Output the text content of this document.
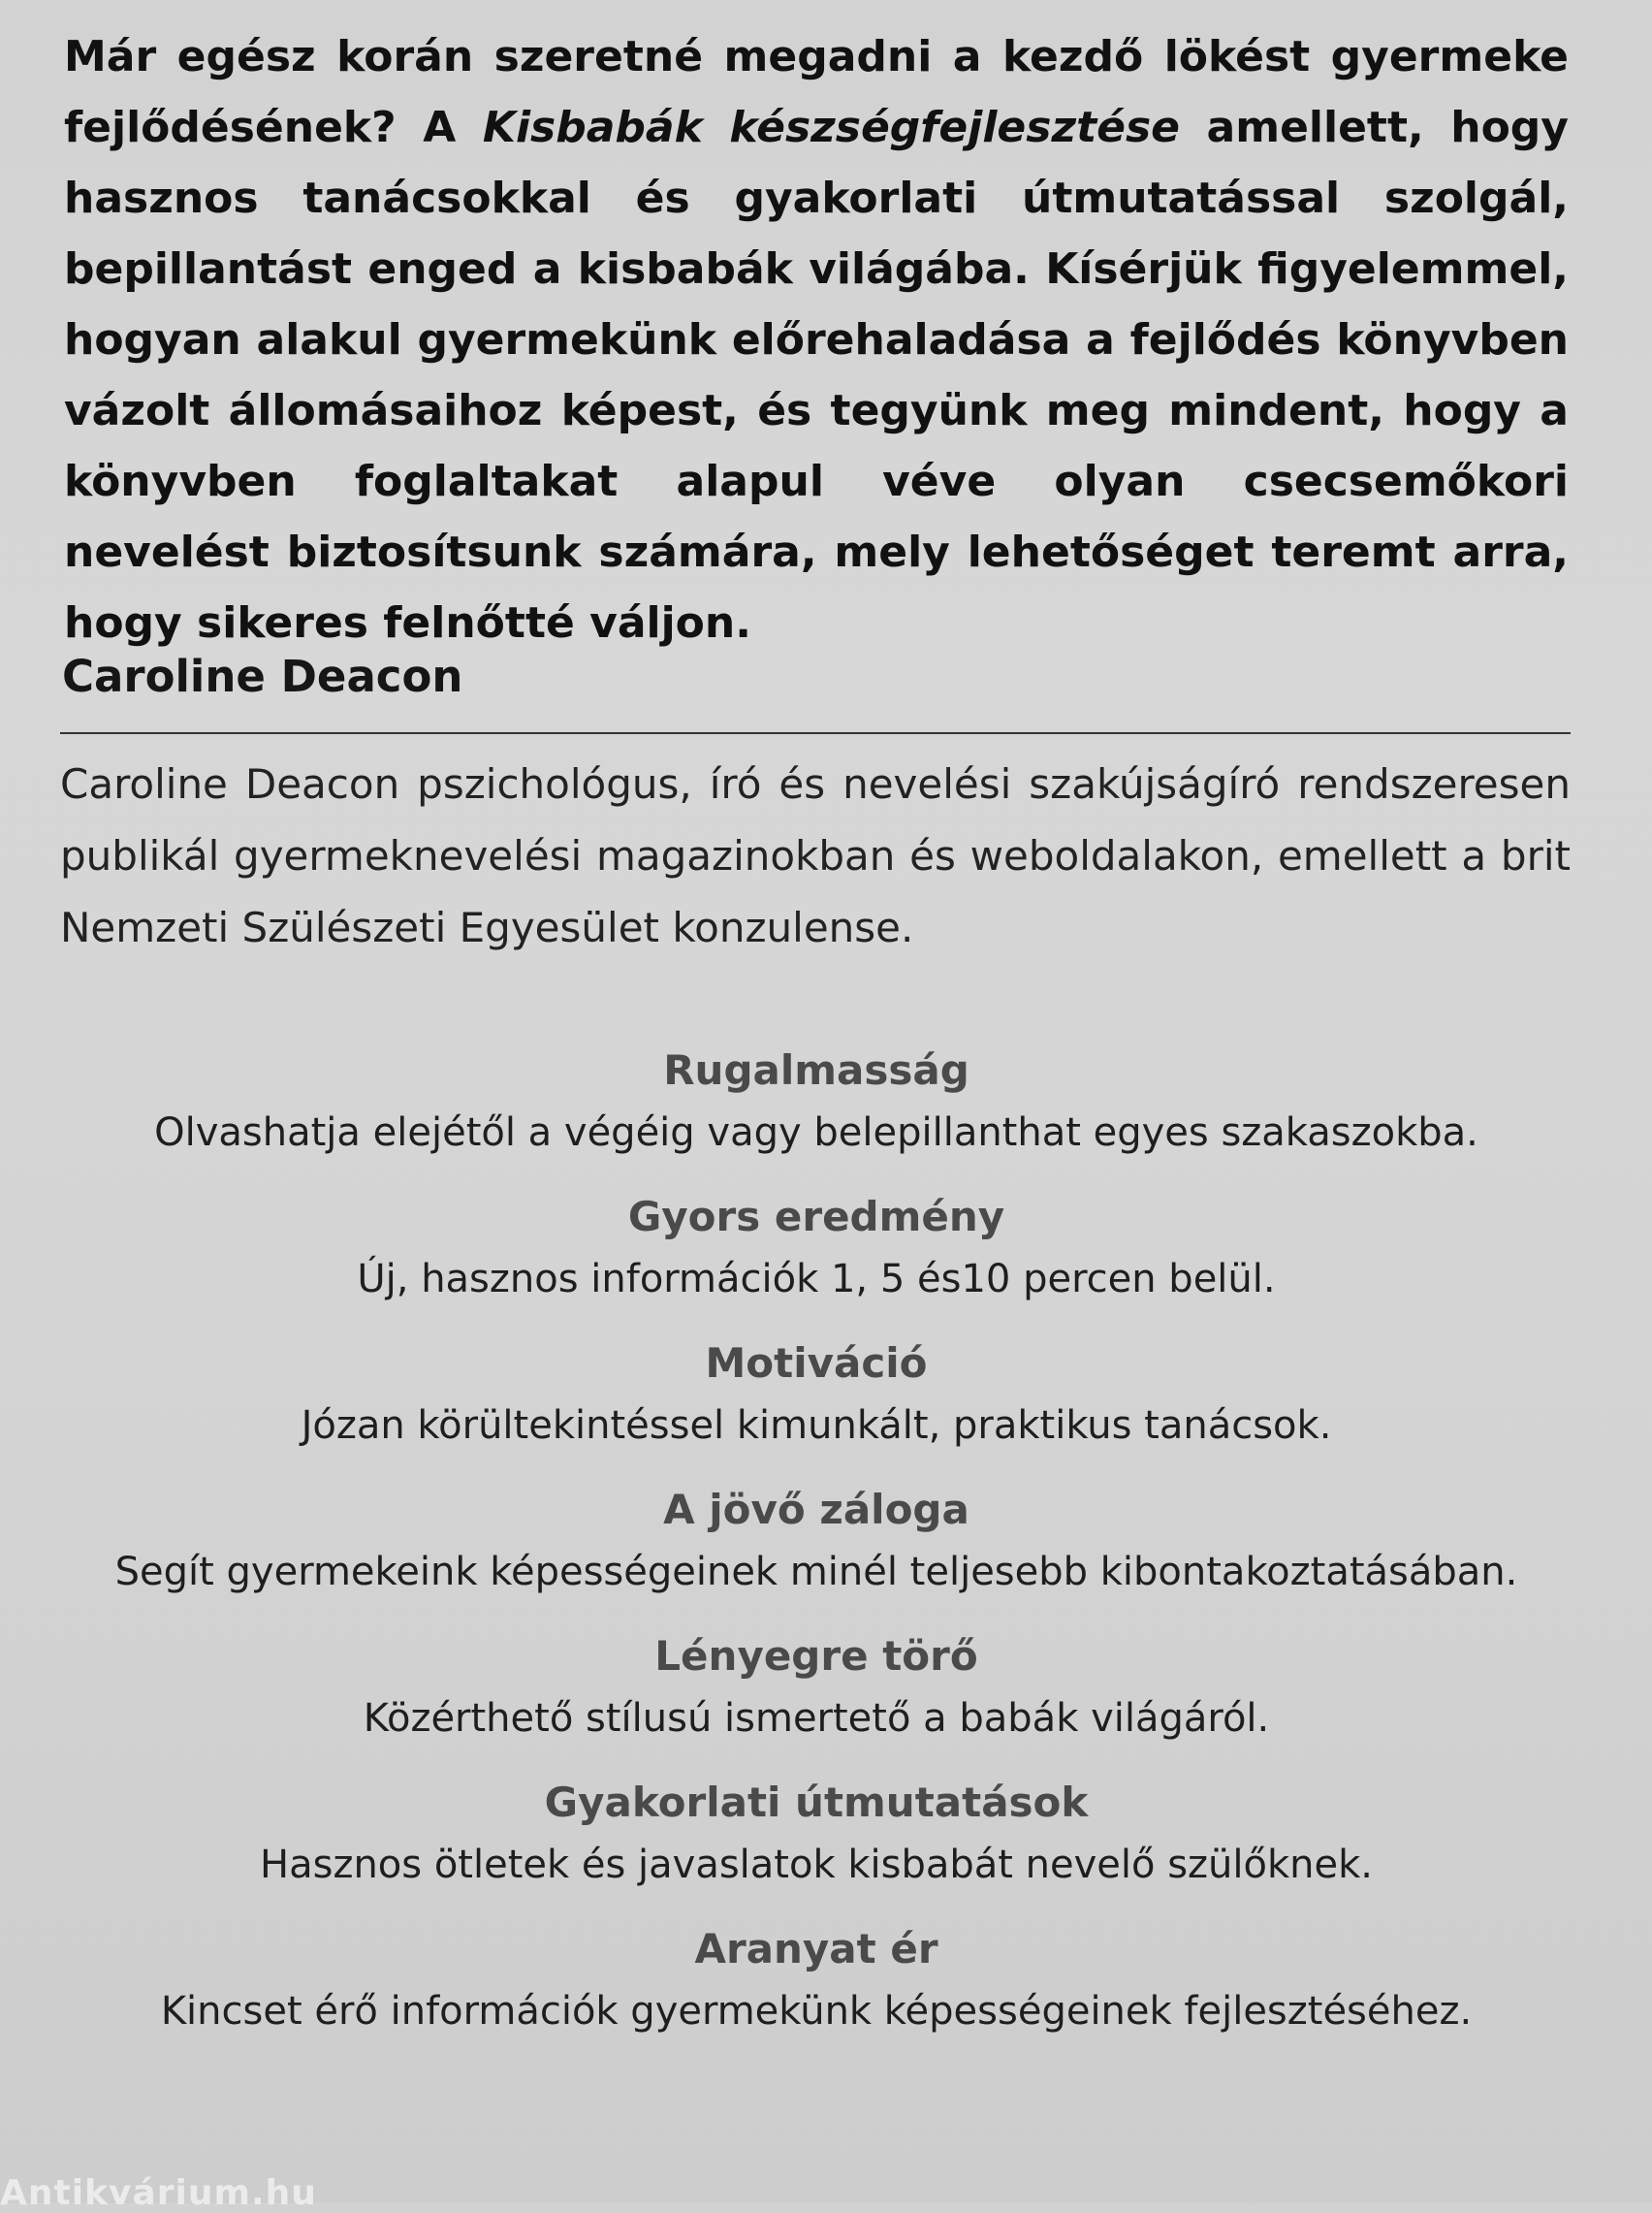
Már egész korán szeretné megadni a kezdő lökést gyermeke fejlődésének? A Kisbabák készségfejlesztése amellett, hogy hasznos tanácsokkal és gyakorlati útmutatással szolgál, bepillantást enged a kisbabák világába. Kísérjük figyelemmel, hogyan alakul gyermekünk előrehaladása a fejlődés könyvben vázolt állomásaihoz képest, és tegyünk meg mindent, hogy a könyvben foglaltakat alapul véve olyan csecsemőkori nevelést biztosítsunk számára, mely lehetőséget teremt arra, hogy sikeres felnőtté váljon.

Caroline Deacon

Caroline Deacon pszichológus, író és nevelési szakújságíró rendszeresen publikál gyermeknevelési magazinokban és weboldalakon, emellett a brit Nemzeti Szülészeti Egyesület konzulense.

Rugalmasság
Olvashatja elejétől a végéig vagy belepillanthat egyes szakaszokba.
Gyors eredmény
Új, hasznos információk 1, 5 és10 percen belül.
Motiváció
Józan körültekintéssel kimunkált, praktikus tanácsok.
A jövő záloga
Segít gyermekeink képességeinek minél teljesebb kibontakoztatásában.
Lényegre törő
Közérthető stílusú ismertető a babák világáról.
Gyakorlati útmutatások
Hasznos ötletek és javaslatok kisbabát nevelő szülőknek.
Aranyat ér
Kincset érő információk gyermekünk képességeinek fejlesztéséhez.
Antikvárium.hu
